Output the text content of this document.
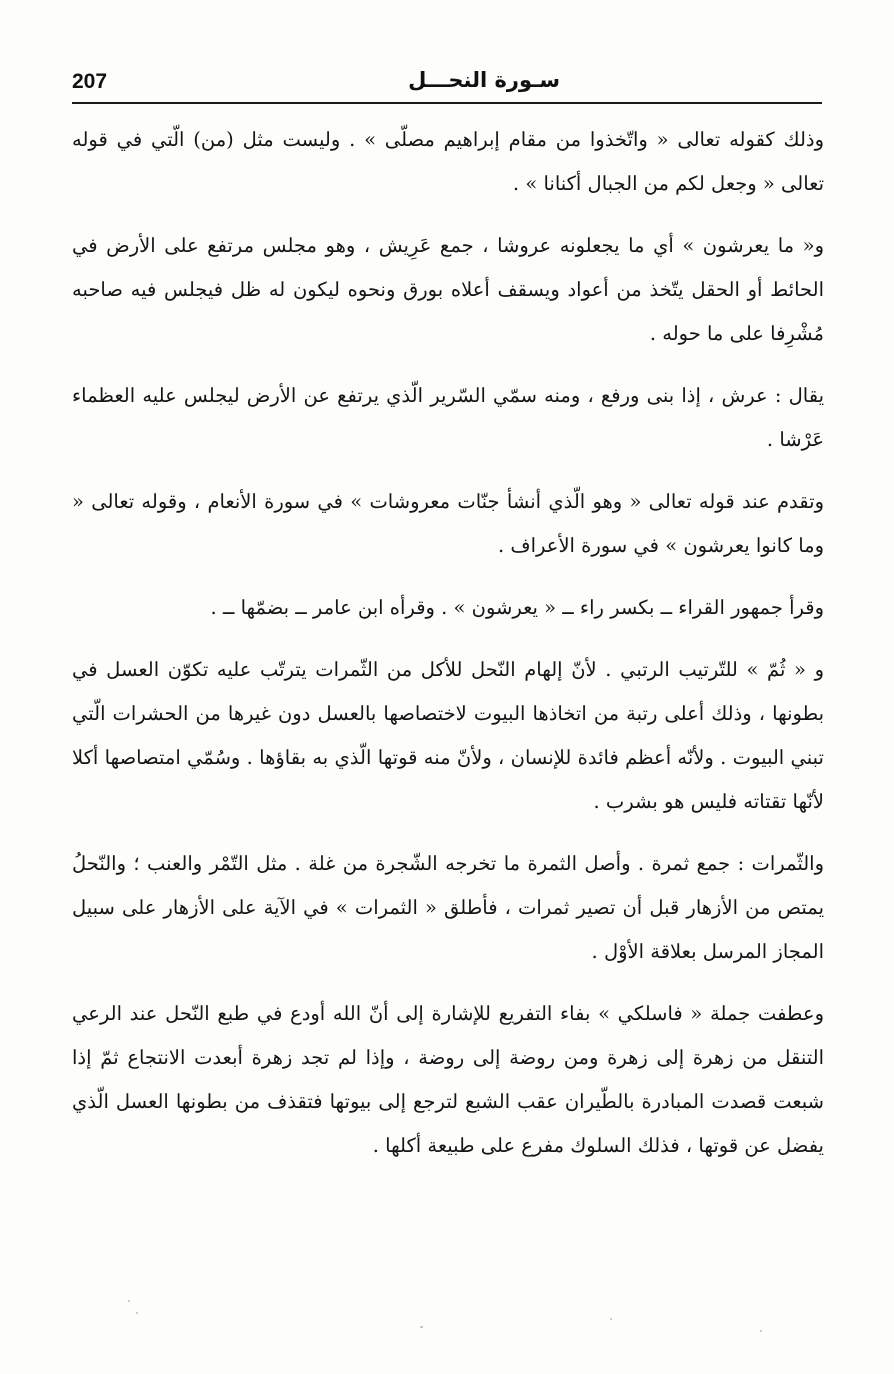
207	سـورة النحـــل

وذلك كقوله تعالى « واتّخذوا من مقام إبراهيم مصلّى » . وليست مثل (من) الّتي في قوله تعالى « وجعل لكم من الجبال أكنانا » .

و« ما يعرشون » أي ما يجعلونه عروشا ، جمع عَرِيش ، وهو مجلس مرتفع على الأرض في الحائط أو الحقل يتّخذ من أعواد ويسقف أعلاه بورق ونحوه ليكون له ظل فيجلس فيه صاحبه مُشْرِفا على ما حوله .

يقال : عرش ، إذا بنى ورفع ، ومنه سمّي السّرير الّذي يرتفع عن الأرض ليجلس عليه العظماء عَرْشا .

وتقدم عند قوله تعالى « وهو الّذي أنشأ جنّات معروشات » في سورة الأنعام ، وقوله تعالى « وما كانوا يعرشون » في سورة الأعراف .

وقرأ جمهور القراء ــ بكسر راء ــ « يعرشون » . وقرأه ابن عامر ــ بضمّها ــ .

و « ثُمّ » للتّرتيب الرتبي . لأنّ إلهام النّحل للأكل من الثّمرات يترتّب عليه تكوّن العسل في بطونها ، وذلك أعلى رتبة من اتخاذها البيوت لاختصاصها بالعسل دون غيرها من الحشرات الّتي تبني البيوت . ولأنّه أعظم فائدة للإنسان ، ولأنّ منه قوتها الّذي به بقاؤها . وسُمّي امتصاصها أكلا لأنّها تقتاته فليس هو بشرب .

والثّمرات : جمع ثمرة . وأصل الثمرة ما تخرجه الشّجرة من غلة . مثل التّمْر والعنب ؛ والنّحلُ يمتص من الأزهار قبل أن تصير ثمرات ، فأطلق « الثمرات » في الآية على الأزهار على سبيل المجاز المرسل بعلاقة الأوْل .

وعطفت جملة « فاسلكي » بفاء التفريع للإشارة إلى أنّ الله أودع في طبع النّحل عند الرعي التنقل من زهرة إلى زهرة ومن روضة إلى روضة ، وإذا لم تجد زهرة أبعدت الانتجاع ثمّ إذا شبعت قصدت المبادرة بالطّيران عقب الشبع لترجع إلى بيوتها فتقذف من بطونها العسل الّذي يفضل عن قوتها ، فذلك السلوك مفرع على طبيعة أكلها .
